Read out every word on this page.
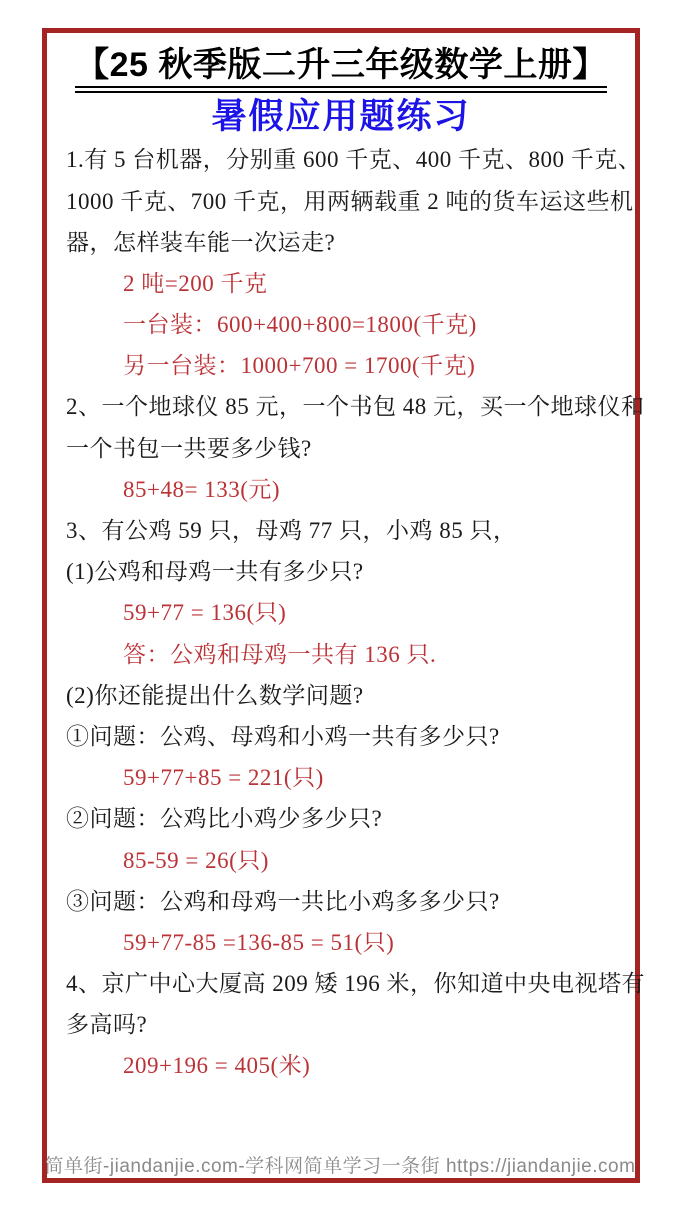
【25 秋季版二升三年级数学上册】
暑假应用题练习
1.有 5 台机器，分别重 600 千克、400 千克、800 千克、
1000 千克、700 千克，用两辆载重 2 吨的货车运这些机
器，怎样装车能一次运走?
2 吨=200 千克
一台装：600+400+800=1800(千克)
另一台装：1000+700 = 1700(千克)
2、一个地球仪 85 元，一个书包 48 元，买一个地球仪和
一个书包一共要多少钱?
85+48= 133(元)
3、有公鸡 59 只，母鸡 77 只，小鸡 85 只，
(1)公鸡和母鸡一共有多少只?
59+77 = 136(只)
答：公鸡和母鸡一共有 136 只.
(2)你还能提出什么数学问题?
①问题：公鸡、母鸡和小鸡一共有多少只?
59+77+85 = 221(只)
②问题：公鸡比小鸡少多少只?
85-59 = 26(只)
③问题：公鸡和母鸡一共比小鸡多多少只?
59+77-85 =136-85 = 51(只)
4、京广中心大厦高 209 矮 196 米，你知道中央电视塔有
多高吗?
209+196 = 405(米)
简单街-jiandanjie.com-学科网简单学习一条街 https://jiandanjie.com
